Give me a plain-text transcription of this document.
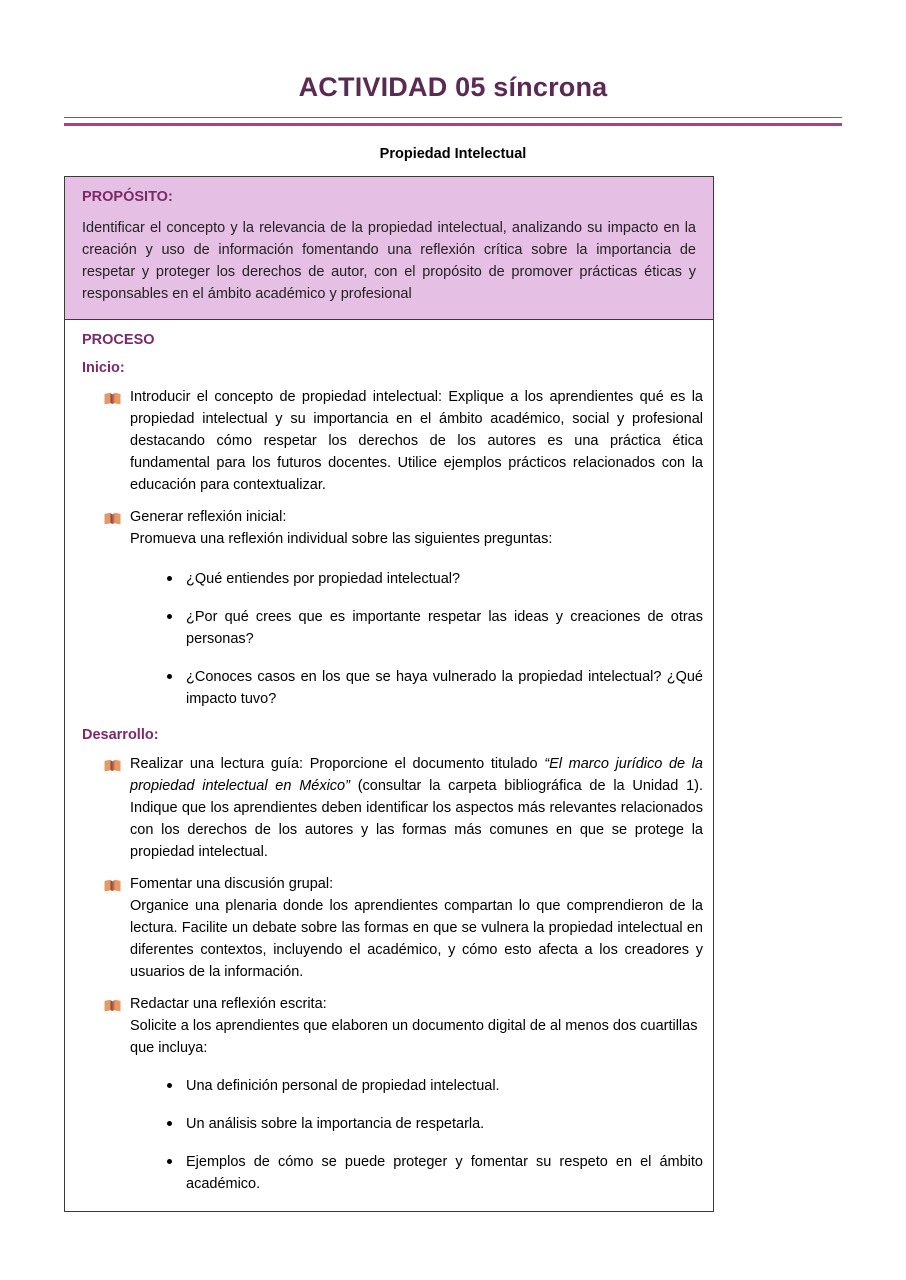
ACTIVIDAD 05 síncrona
Propiedad Intelectual
PROPÓSITO:

Identificar el concepto y la relevancia de la propiedad intelectual, analizando su impacto en la creación y uso de información fomentando una reflexión crítica sobre la importancia de respetar y proteger los derechos de autor, con el propósito de promover prácticas éticas y responsables en el ámbito académico y profesional

PROCESO
Inicio:

Introducir el concepto de propiedad intelectual: Explique a los aprendientes qué es la propiedad intelectual y su importancia en el ámbito académico, social y profesional destacando cómo respetar los derechos de los autores es una práctica ética fundamental para los futuros docentes. Utilice ejemplos prácticos relacionados con la educación para contextualizar.

Generar reflexión inicial:

Promueva una reflexión individual sobre las siguientes preguntas:

¿Qué entiendes por propiedad intelectual?
¿Por qué crees que es importante respetar las ideas y creaciones de otras personas?
¿Conoces casos en los que se haya vulnerado la propiedad intelectual? ¿Qué impacto tuvo?
Desarrollo:

Realizar una lectura guía: Proporcione el documento titulado “El marco jurídico de la propiedad intelectual en México” (consultar la carpeta bibliográfica de la Unidad 1). Indique que los aprendientes deben identificar los aspectos más relevantes relacionados con los derechos de los autores y las formas más comunes en que se protege la propiedad intelectual.

Fomentar una discusión grupal:

Organice una plenaria donde los aprendientes compartan lo que comprendieron de la lectura. Facilite un debate sobre las formas en que se vulnera la propiedad intelectual en diferentes contextos, incluyendo el académico, y cómo esto afecta a los creadores y usuarios de la información.

Redactar una reflexión escrita:

Solicite a los aprendientes que elaboren un documento digital de al menos dos cuartillas que incluya:

Una definición personal de propiedad intelectual.
Un análisis sobre la importancia de respetarla.
Ejemplos de cómo se puede proteger y fomentar su respeto en el ámbito académico.
